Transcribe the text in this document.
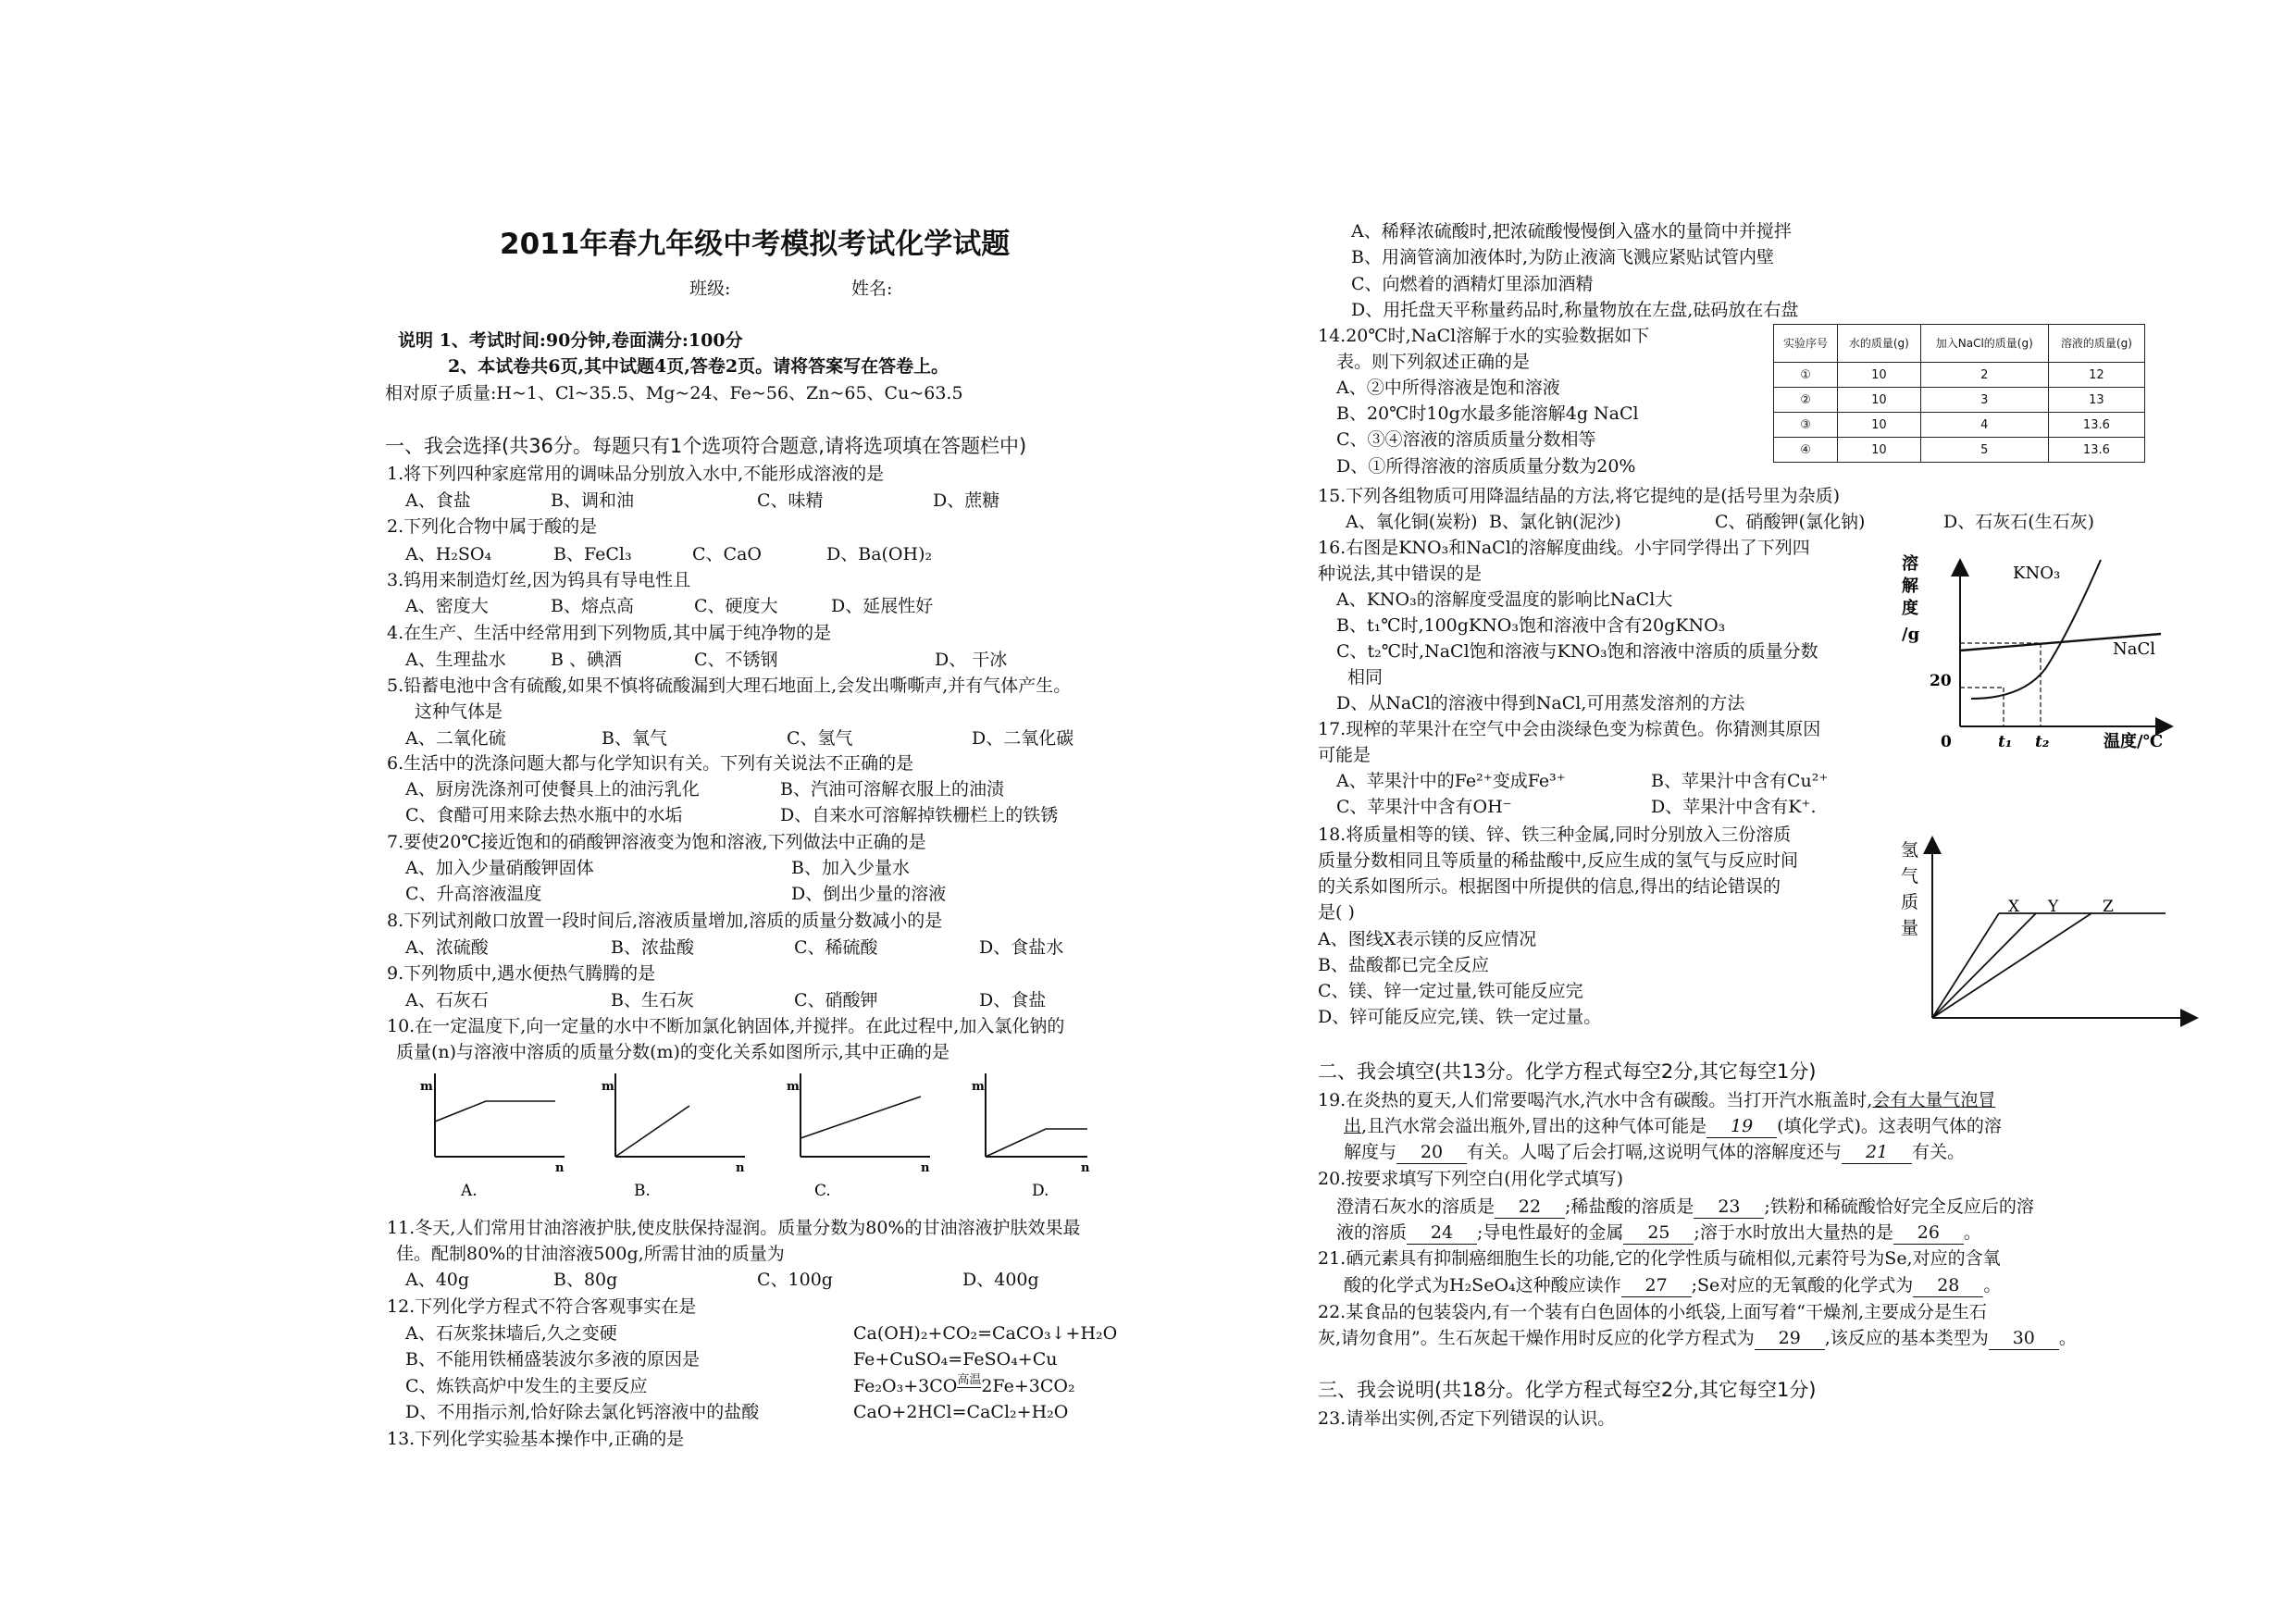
2011年春九年级中考模拟考试化学试题
班级:	姓名:
说明 1、考试时间:90分钟,卷面满分:100分
2、本试卷共6页,其中试题4页,答卷2页。请将答案写在答卷上。
相对原子质量:H~1、Cl~35.5、Mg~24、Fe~56、Zn~65、Cu~63.5
一、我会选择(共36分。每题只有1个选项符合题意,请将选项填在答题栏中)
1.将下列四种家庭常用的调味品分别放入水中,不能形成溶液的是
A、食盐	B、调和油	C、味精	D、蔗糖
2.下列化合物中属于酸的是
A、H₂SO₄	B、FeCl₃	C、CaO	D、Ba(OH)₂
3.钨用来制造灯丝,因为钨具有导电性且
A、密度大	B、熔点高	C、硬度大	D、延展性好
4.在生产、生活中经常用到下列物质,其中属于纯净物的是
A、生理盐水	B 、碘酒	C、不锈钢	D、 干冰
5.铅蓄电池中含有硫酸,如果不慎将硫酸漏到大理石地面上,会发出嘶嘶声,并有气体产生。
这种气体是
A、二氧化硫	B、氧气	C、氢气	D、二氧化碳
6.生活中的洗涤问题大都与化学知识有关。下列有关说法不正确的是
A、厨房洗涤剂可使餐具上的油污乳化	B、汽油可溶解衣服上的油渍
C、食醋可用来除去热水瓶中的水垢	D、自来水可溶解掉铁栅栏上的铁锈
7.要使20℃接近饱和的硝酸钾溶液变为饱和溶液,下列做法中正确的是
A、加入少量硝酸钾固体	B、加入少量水
C、升高溶液温度	D、倒出少量的溶液
8.下列试剂敞口放置一段时间后,溶液质量增加,溶质的质量分数减小的是
A、浓硫酸	B、浓盐酸	C、稀硫酸	D、食盐水
9.下列物质中,遇水便热气腾腾的是
A、石灰石	B、生石灰	C、硝酸钾	D、食盐
10.在一定温度下,向一定量的水中不断加氯化钠固体,并搅拌。在此过程中,加入氯化钠的
质量(n)与溶液中溶质的质量分数(m)的变化关系如图所示,其中正确的是
m
n
m
n
m
n
m
n
A.	B.	C.	D.
11.冬天,人们常用甘油溶液护肤,使皮肤保持湿润。质量分数为80%的甘油溶液护肤效果最
佳。配制80%的甘油溶液500g,所需甘油的质量为
A、40g	B、80g	C、100g	D、400g
12.下列化学方程式不符合客观事实在是
A、石灰浆抹墙后,久之变硬	Ca(OH)₂+CO₂=CaCO₃↓+H₂O
B、不能用铁桶盛装波尔多液的原因是	Fe+CuSO₄=FeSO₄+Cu
C、炼铁高炉中发生的主要反应	$Fe_2O_3+3CO^{高温}2Fe+3CO_2$
D、不用指示剂,恰好除去氯化钙溶液中的盐酸	CaO+2HCl=CaCl₂+H₂O
13.下列化学实验基本操作中,正确的是
A、稀释浓硫酸时,把浓硫酸慢慢倒入盛水的量筒中并搅拌
B、用滴管滴加液体时,为防止液滴飞溅应紧贴试管内壁
C、向燃着的酒精灯里添加酒精
D、用托盘天平称量药品时,称量物放在左盘,砝码放在右盘
14.20℃时,NaCl溶解于水的实验数据如下
表。则下列叙述正确的是
A、②中所得溶液是饱和溶液
B、20℃时10g水最多能溶解4g NaCl
C、③④溶液的溶质质量分数相等
D、①所得溶液的溶质质量分数为20%
实验序号	水的质量(g)	加入NaCl的质量(g)	溶液的质量(g)
①	10	2	12
②	10	3	13
③	10	4	13.6
④	10	5	13.6
15.下列各组物质可用降温结晶的方法,将它提纯的是(括号里为杂质)
A、氧化铜(炭粉) B、氯化钠(泥沙)	C、硝酸钾(氯化钠)	D、石灰石(生石灰)
16.右图是KNO₃和NaCl的溶解度曲线。小宇同学得出了下列四
种说法,其中错误的是
A、KNO₃的溶解度受温度的影响比NaCl大
B、t₁℃时,100gKNO₃饱和溶液中含有20gKNO₃
C、t₂℃时,NaCl饱和溶液与KNO₃饱和溶液中溶质的质量分数
相同
D、从NaCl的溶液中得到NaCl,可用蒸发溶剂的方法
溶
解
度
/g
KNO₃
NaCl
20
0	t₁ t₂	温度/℃
17.现榨的苹果汁在空气中会由淡绿色变为棕黄色。你猜测其原因
可能是
A、苹果汁中的Fe²⁺变成Fe³⁺	B、苹果汁中含有Cu²⁺
C、苹果汁中含有OH⁻	D、苹果汁中含有K⁺.
18.将质量相等的镁、锌、铁三种金属,同时分别放入三份溶质
质量分数相同且等质量的稀盐酸中,反应生成的氢气与反应时间
的关系如图所示。根据图中所提供的信息,得出的结论错误的
是( )
A、图线X表示镁的反应情况
B、盐酸都已完全反应
C、镁、锌一定过量,铁可能反应完
D、锌可能反应完,镁、铁一定过量。
氢
气
质
量
X Y	Z
二、我会填空(共13分。化学方程式每空2分,其它每空1分)
19.在炎热的夏天,人们常要喝汽水,汽水中含有碳酸。当打开汽水瓶盖时,会有大量气泡冒
出,且汽水常会溢出瓶外,冒出的这种气体可能是 19 (填化学式)。这表明气体的溶
解度与 20 有关。人喝了后会打嗝,这说明气体的溶解度还与 21 有关。
20.按要求填写下列空白(用化学式填写)
澄清石灰水的溶质是 22 ;稀盐酸的溶质是 23 ;铁粉和稀硫酸恰好完全反应后的溶
液的溶质 24 ;导电性最好的金属 25 ;溶于水时放出大量热的是 26 。
21.硒元素具有抑制癌细胞生长的功能,它的化学性质与硫相似,元素符号为Se,对应的含氧
酸的化学式为H₂SeO₄这种酸应读作 27 ;Se对应的无氧酸的化学式为 28 。
22.某食品的包装袋内,有一个装有白色固体的小纸袋,上面写着“干燥剂,主要成分是生石
灰,请勿食用”。生石灰起干燥作用时反应的化学方程式为 29 ,该反应的基本类型为 30 。
三、我会说明(共18分。化学方程式每空2分,其它每空1分)
23.请举出实例,否定下列错误的认识。
